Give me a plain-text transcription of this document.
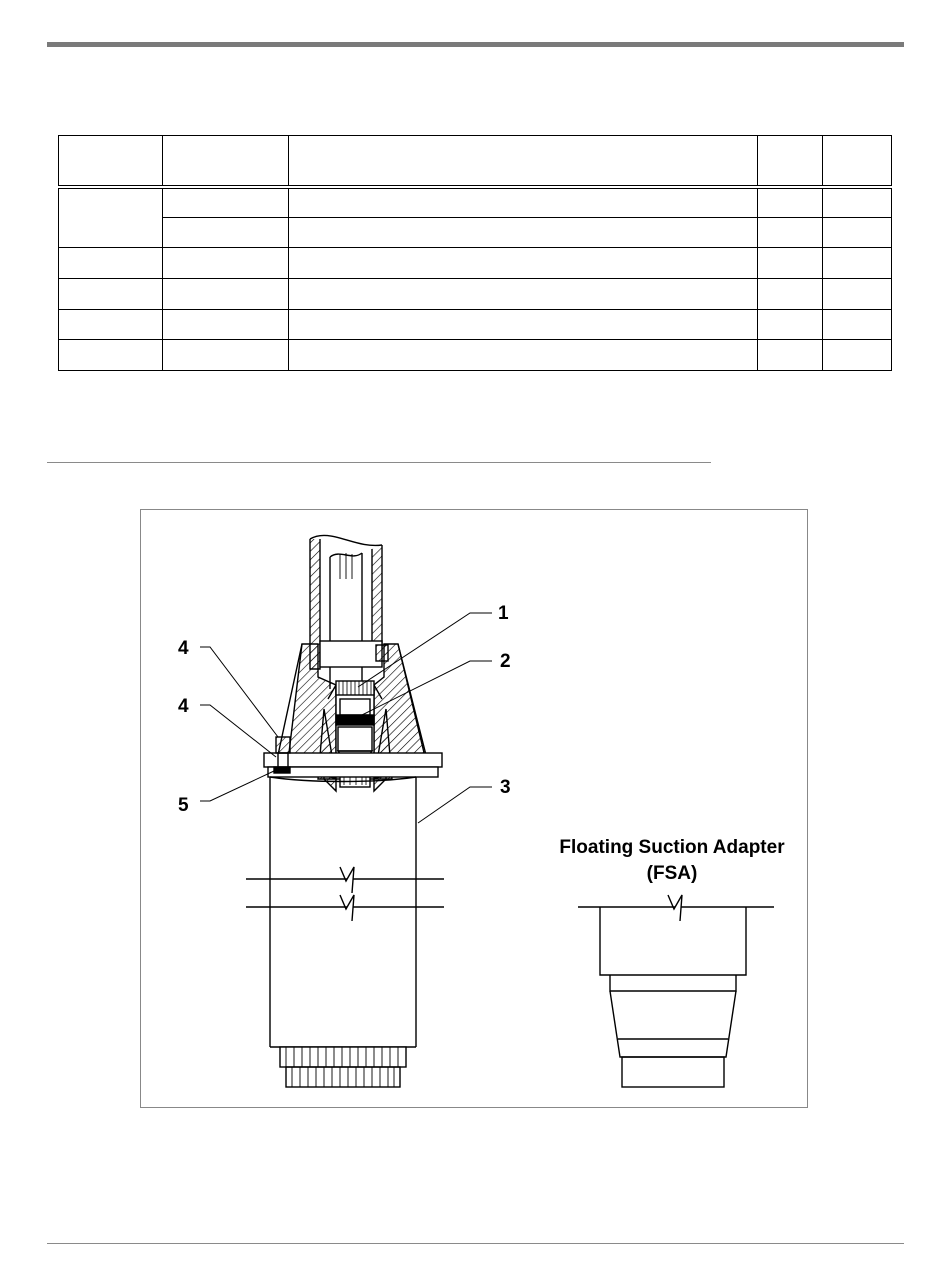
1
2
3
4
4
5
Floating Suction Adapter
(FSA)
